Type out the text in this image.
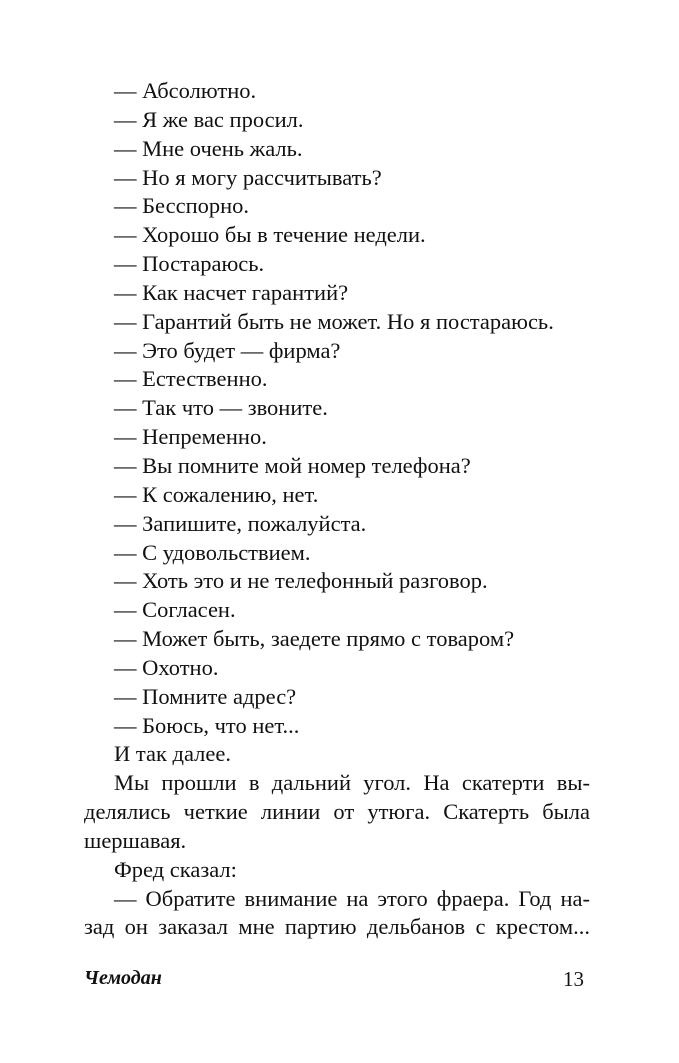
— Абсолютно.
— Я же вас просил.
— Мне очень жаль.
— Но я могу рассчитывать?
— Бесспорно.
— Хорошо бы в течение недели.
— Постараюсь.
— Как насчет гарантий?
— Гарантий быть не может. Но я постараюсь.
— Это будет — фирма?
— Естественно.
— Так что — звоните.
— Непременно.
— Вы помните мой номер телефона?
— К сожалению, нет.
— Запишите, пожалуйста.
— С удовольствием.
— Хоть это и не телефонный разговор.
— Согласен.
— Может быть, заедете прямо с товаром?
— Охотно.
— Помните адрес?
— Боюсь, что нет...
И так далее.
Мы прошли в дальний угол. На скатерти вы-
делялись четкие линии от утюга. Скатерть была
шершавая.
Фред сказал:
— Обратите внимание на этого фраера. Год на-
зад он заказал мне партию дельбанов с крестом...
Чемодан	13
